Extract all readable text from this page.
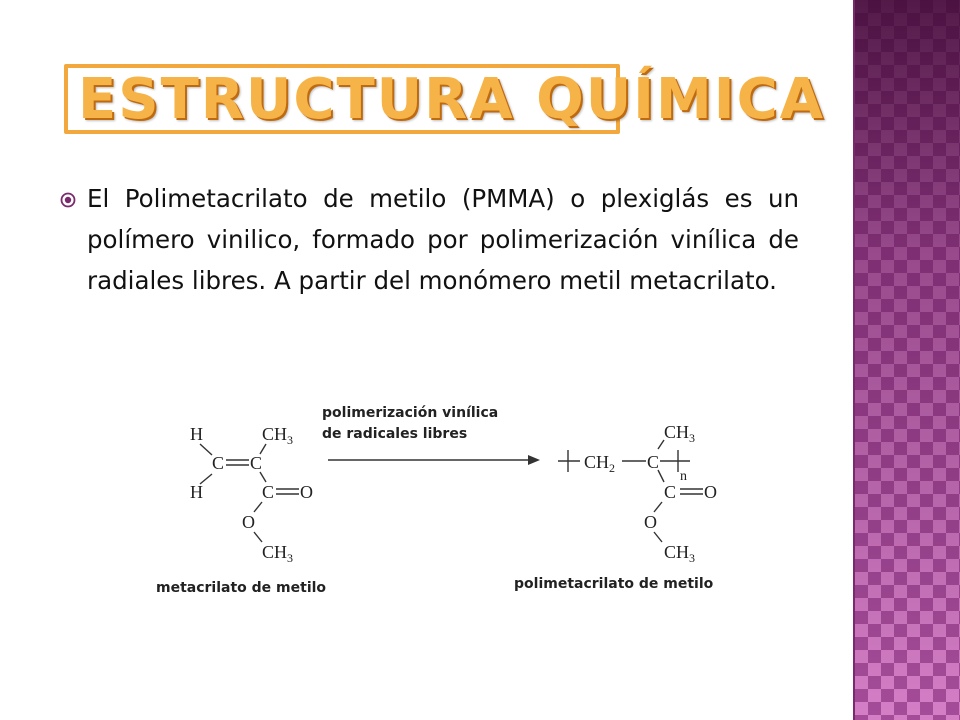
ESTRUCTURA QUÍMICA
El Polimetacrilato de metilo (PMMA) o plexiglás es un polímero vinilico, formado por polimerización vinílica de radiales libres. A partir del monómero metil metacrilato.
H
H
C C
$CH_3$
C O
O
$CH_3$
metacrilato de metilo
polimerización vinílica
de radicales libres
$CH_2$ C
$CH_3$
n
C O
O
$CH_3$
polimetacrilato de metilo
